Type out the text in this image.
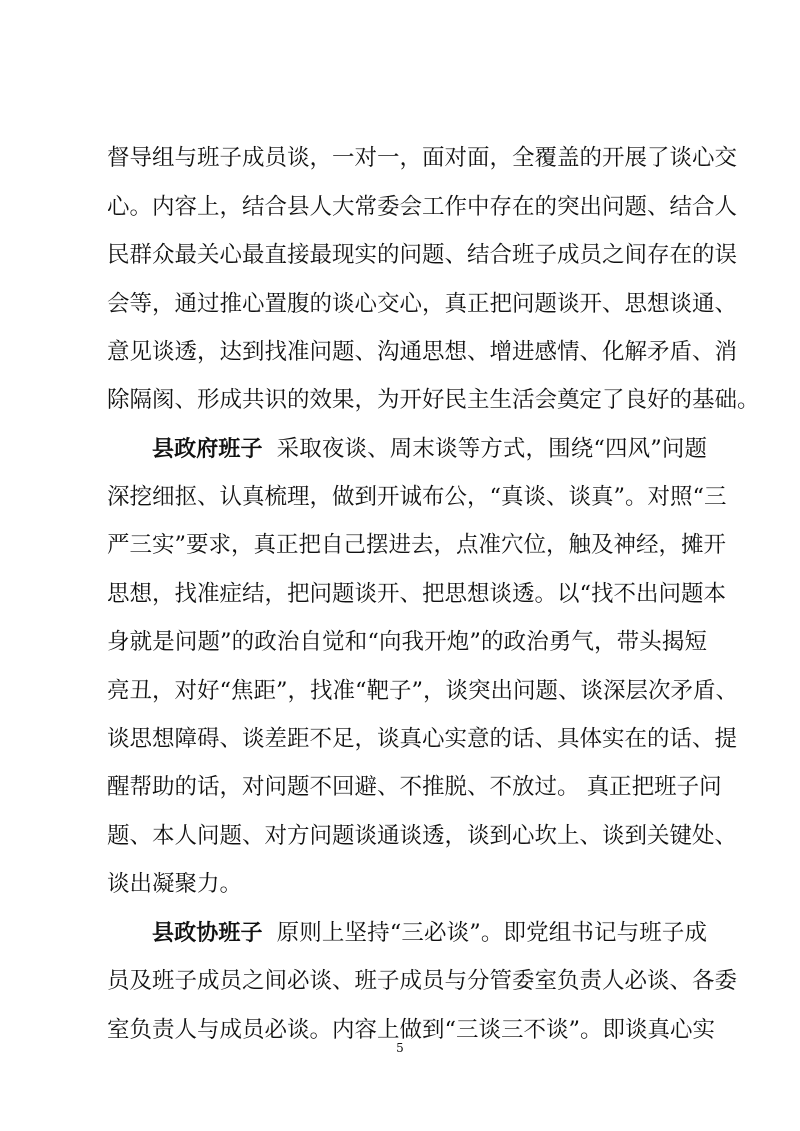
督导组与班子成员谈，一对一，面对面，全覆盖的开展了谈心交
心。内容上，结合县人大常委会工作中存在的突出问题、结合人
民群众最关心最直接最现实的问题、结合班子成员之间存在的误
会等，通过推心置腹的谈心交心，真正把问题谈开、思想谈通、
意见谈透，达到找准问题、沟通思想、增进感情、化解矛盾、消
除隔阂、形成共识的效果，为开好民主生活会奠定了良好的基础。
县政府班子 采取夜谈、周末谈等方式，围绕“四风”问题
深挖细抠、认真梳理，做到开诚布公，“真谈、谈真”。对照“三
严三实”要求，真正把自己摆进去，点准穴位，触及神经，摊开
思想，找准症结，把问题谈开、把思想谈透。以“找不出问题本
身就是问题”的政治自觉和“向我开炮”的政治勇气，带头揭短
亮丑，对好“焦距”，找准“靶子”，谈突出问题、谈深层次矛盾、
谈思想障碍、谈差距不足，谈真心实意的话、具体实在的话、提
醒帮助的话，对问题不回避、不推脱、不放过。 真正把班子问
题、本人问题、对方问题谈通谈透，谈到心坎上、谈到关键处、
谈出凝聚力。
县政协班子 原则上坚持“三必谈”。即党组书记与班子成
员及班子成员之间必谈、班子成员与分管委室负责人必谈、各委
室负责人与成员必谈。内容上做到“三谈三不谈”。即谈真心实
5
